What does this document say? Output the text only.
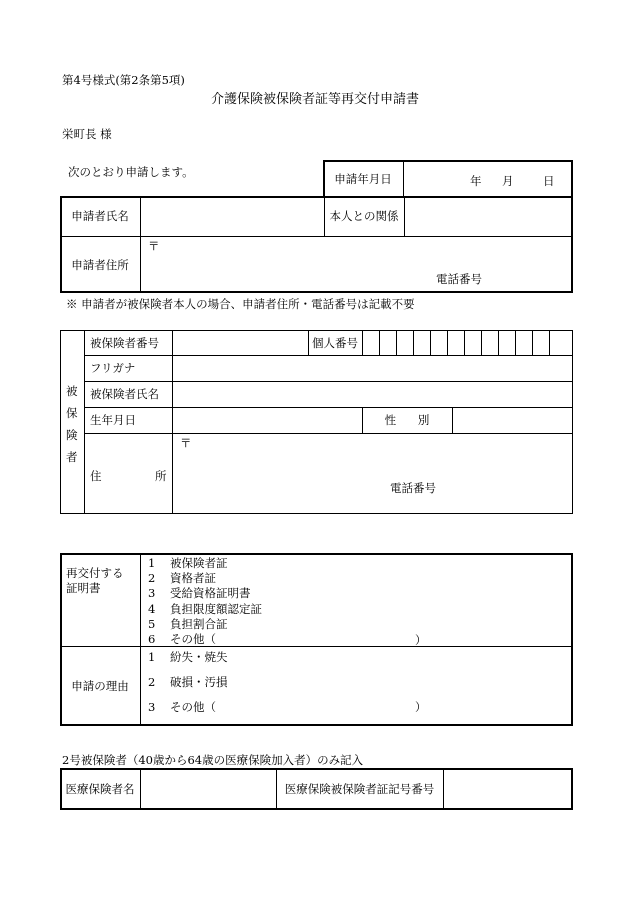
第4号様式(第2条第5項)
介護保険被保険者証等再交付申請書
栄町長 様
次のとおり申請します。	申請年月日	年 月	日
申請者氏名	本人との関係
申請者住所
〒
電話番号
※ 申請者が被保険者本人の場合、申請者住所・電話番号は記載不要
被
保
険
者
被保険者番号	個人番号
フリガナ
被保険者氏名
生年月日	性 別
住	所
〒
電話番号
再交付する
証明書
1 被保険者証
2 資格者証
3 受給資格証明書
4 負担限度額認定証
5 負担割合証
6 その他（	）
申請の理由
1 紛失・焼失
2 破損・汚損
3 その他（	）
2号被保険者（40歳から64歳の医療保険加入者）のみ記入
医療保険者名	医療保険被保険者証記号番号
